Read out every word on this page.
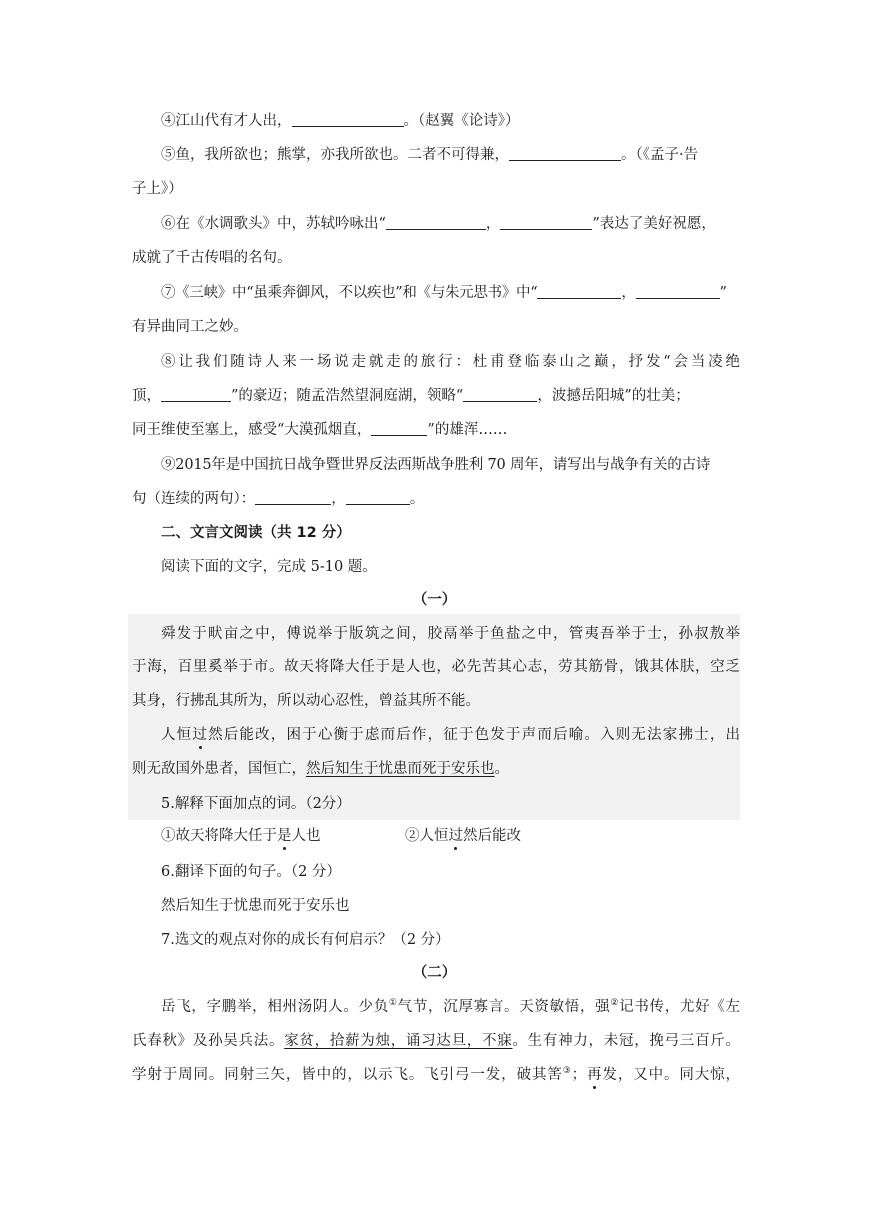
④江山代有才人出，	。（赵翼《论诗》）
⑤鱼，我所欲也；熊掌，亦我所欲也。二者不可得兼，	。（《孟子·告
子上》）
⑥在《水调歌头》中，苏轼吟咏出“	，	”表达了美好祝愿，
成就了千古传唱的名句。
⑦《三峡》中“虽乘奔御风，不以疾也”和《与朱元思书》中“	，	”
有异曲同工之妙。
⑧让我们随诗人来一场说走就走的旅行：杜甫登临泰山之巅，抒发“会当凌绝
顶，	”的豪迈；随孟浩然望洞庭湖，领略“	，波撼岳阳城”的壮美；
同王维使至塞上，感受“大漠孤烟直，	”的雄浑……
⑨2015年是中国抗日战争暨世界反法西斯战争胜利 70 周年，请写出与战争有关的古诗
句（连续的两句）：	，	。
二、文言文阅读（共 12 分）
阅读下面的文字，完成 5-10 题。
（一）
舜发于畎亩之中，傅说举于版筑之间，胶鬲举于鱼盐之中，管夷吾举于士，孙叔敖举
于海，百里奚举于市。故天将降大任于是人也，必先苦其心志，劳其筋骨，饿其体肤，空乏
其身，行拂乱其所为，所以动心忍性，曾益其所不能。
人恒过然后能改，困于心衡于虑而后作，征于色发于声而后喻。入则无法家拂士，出
则无敌国外患者，国恒亡，然后知生于忧患而死于安乐也。
5.解释下面加点的词。（2分）
①故天将降大任于是人也	②人恒过然后能改
6.翻译下面的句子。（2 分）
然后知生于忧患而死于安乐也
7.选文的观点对你的成长有何启示？（2 分）
（二）
岳飞，字鹏举，相州汤阴人。少负①气节，沉厚寡言。天资敏悟，强②记书传，尤好《左
氏春秋》及孙吴兵法。家贫，拾薪为烛，诵习达旦，不寐。生有神力，未冠，挽弓三百斤。
学射于周同。同射三矢，皆中的，以示飞。飞引弓一发，破其筈③；再发，又中。同大惊，
